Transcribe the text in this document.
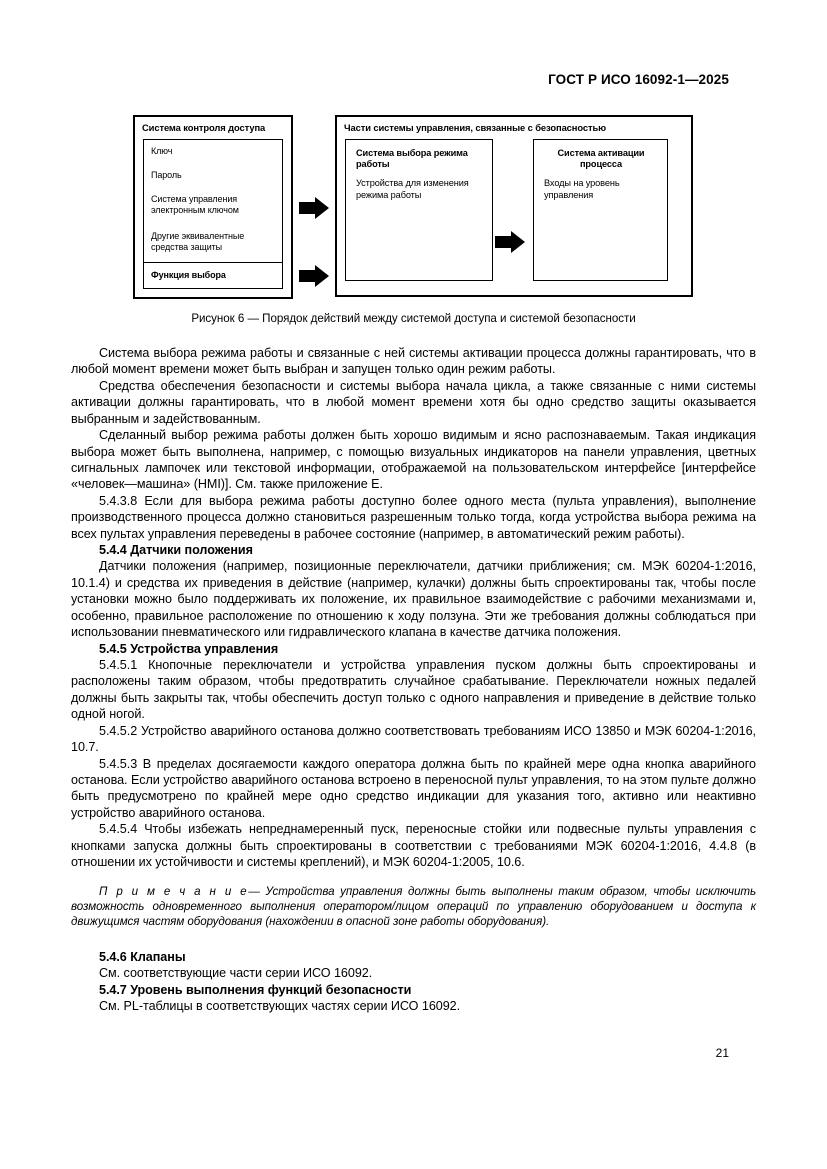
ГОСТ Р ИСО 16092-1—2025
Система контроля доступа
Ключ
Пароль
Система управления электронным ключом
Другие эквивалентные средства защиты
Функция выбора
Части системы управления, связанные с безопасностью
Система выбора режима работы
Устройства для изменения режима работы
Система активации процесса
Входы на уровень управления
Рисунок 6 — Порядок действий между системой доступа и системой безопасности

Система выбора режима работы и связанные с ней системы активации процесса должны гарантировать, что в любой момент времени может быть выбран и запущен только один режим работы.

Средства обеспечения безопасности и системы выбора начала цикла, а также связанные с ними системы активации должны гарантировать, что в любой момент времени хотя бы одно средство защиты оказывается выбранным и задействованным.

Сделанный выбор режима работы должен быть хорошо видимым и ясно распознаваемым. Такая индикация выбора может быть выполнена, например, с помощью визуальных индикаторов на панели управления, цветных сигнальных лампочек или текстовой информации, отображаемой на пользовательском интерфейсе [интерфейсе «человек—машина» (HMI)]. См. также приложение Е.

5.4.3.8 Если для выбора режима работы доступно более одного места (пульта управления), выполнение производственного процесса должно становиться разрешенным только тогда, когда устройства выбора режима на всех пультах управления переведены в рабочее состояние (например, в автоматический режим работы).

5.4.4 Датчики положения

Датчики положения (например, позиционные переключатели, датчики приближения; см. МЭК 60204-1:2016, 10.1.4) и средства их приведения в действие (например, кулачки) должны быть спроектированы так, чтобы после установки можно было поддерживать их положение, их правильное взаимодействие с рабочими механизмами и, особенно, правильное расположение по отношению к ходу ползуна. Эти же требования должны соблюдаться при использовании пневматического или гидравлического клапана в качестве датчика положения.

5.4.5 Устройства управления

5.4.5.1 Кнопочные переключатели и устройства управления пуском должны быть спроектированы и расположены таким образом, чтобы предотвратить случайное срабатывание. Переключатели ножных педалей должны быть закрыты так, чтобы обеспечить доступ только с одного направления и приведение в действие только одной ногой.

5.4.5.2 Устройство аварийного останова должно соответствовать требованиям ИСО 13850 и МЭК 60204-1:2016, 10.7.

5.4.5.3 В пределах досягаемости каждого оператора должна быть по крайней мере одна кнопка аварийного останова. Если устройство аварийного останова встроено в переносной пульт управления, то на этом пульте должно быть предусмотрено по крайней мере одно средство индикации для указания того, активно или неактивно устройство аварийного останова.

5.4.5.4 Чтобы избежать непреднамеренный пуск, переносные стойки или подвесные пульты управления с кнопками запуска должны быть спроектированы в соответствии с требованиями МЭК 60204-1:2016, 4.4.8 (в отношении их устойчивости и системы креплений), и МЭК 60204-1:2005, 10.6.

П р и м е ч а н и е— Устройства управления должны быть выполнены таким образом, чтобы исключить возможность одновременного выполнения оператором/лицом операций по управлению оборудованием и доступа к движущимся частям оборудования (нахождении в опасной зоне работы оборудования).

5.4.6 Клапаны

См. соответствующие части серии ИСО 16092.

5.4.7 Уровень выполнения функций безопасности

См. PL-таблицы в соответствующих частях серии ИСО 16092.

21
